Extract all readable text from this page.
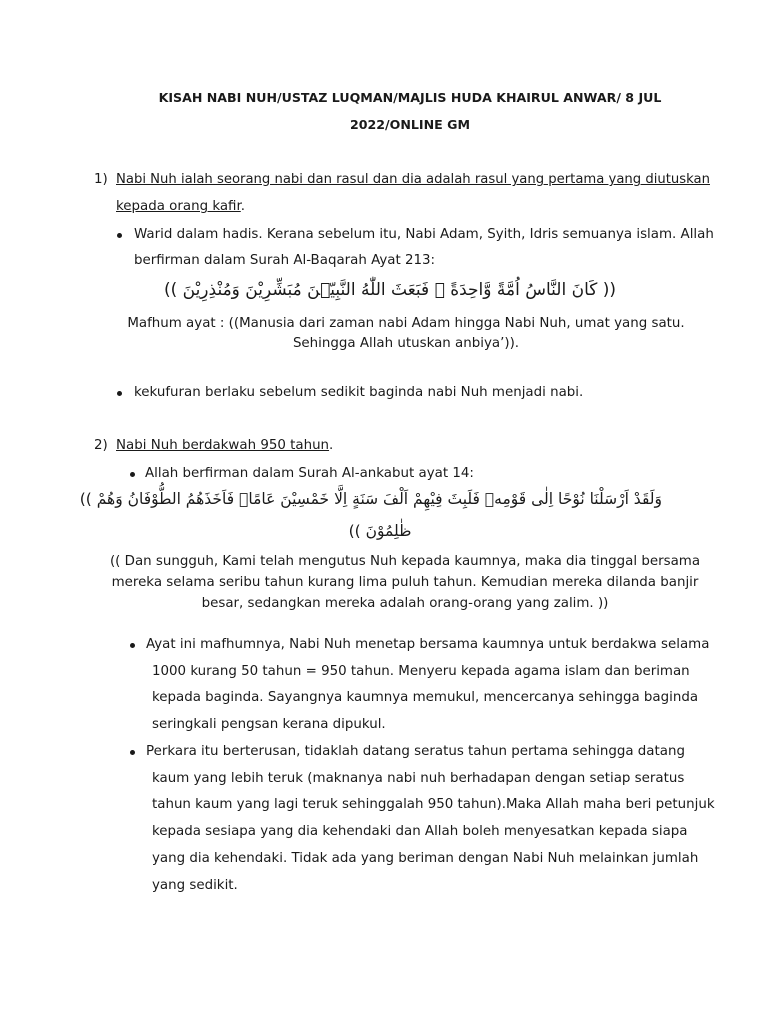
KISAH NABI NUH/USTAZ LUQMAN/MAJLIS HUDA KHAIRUL ANWAR/ 8 JUL
2022/ONLINE GM
1) Nabi Nuh ialah seorang nabi dan rasul dan dia adalah rasul yang pertama yang diutuskan
kepada orang kafir.
Warid dalam hadis. Kerana sebelum itu, Nabi Adam, Syith, Idris semuanya islam. Allah
berfirman dalam Surah Al-Baqarah Ayat 213:
(( كَانَ النَّاسُ اُمَّةً وَّاحِدَةً ۗ فَبَعَثَ اللّٰهُ النَّبِيّٖنَ مُبَشِّرِيْنَ وَمُنْذِرِيْنَ ))
Mafhum ayat : ((Manusia dari zaman nabi Adam hingga Nabi Nuh, umat yang satu.
Sehingga Allah utuskan anbiya’)).
kekufuran berlaku sebelum sedikit baginda nabi Nuh menjadi nabi.
2) Nabi Nuh berdakwah 950 tahun.
Allah berfirman dalam Surah Al-ankabut ayat 14:
وَلَقَدْ اَرْسَلْنَا نُوْحًا اِلٰى قَوْمِهٖ فَلَبِثَ فِيْهِمْ اَلْفَ سَنَةٍ اِلَّا خَمْسِيْنَ عَامًاۗ فَاَخَذَهُمُ الطُّوْفَانُ وَهُمْ ))
ظٰلِمُوْنَ ))
(( Dan sungguh, Kami telah mengutus Nuh kepada kaumnya, maka dia tinggal bersama
mereka selama seribu tahun kurang lima puluh tahun. Kemudian mereka dilanda banjir
besar, sedangkan mereka adalah orang-orang yang zalim. ))
Ayat ini mafhumnya, Nabi Nuh menetap bersama kaumnya untuk berdakwa selama
1000 kurang 50 tahun = 950 tahun. Menyeru kepada agama islam dan beriman
kepada baginda. Sayangnya kaumnya memukul, mencercanya sehingga baginda
seringkali pengsan kerana dipukul.
Perkara itu berterusan, tidaklah datang seratus tahun pertama sehingga datang
kaum yang lebih teruk (maknanya nabi nuh berhadapan dengan setiap seratus
tahun kaum yang lagi teruk sehinggalah 950 tahun).Maka Allah maha beri petunjuk
kepada sesiapa yang dia kehendaki dan Allah boleh menyesatkan kepada siapa
yang dia kehendaki. Tidak ada yang beriman dengan Nabi Nuh melainkan jumlah
yang sedikit.
